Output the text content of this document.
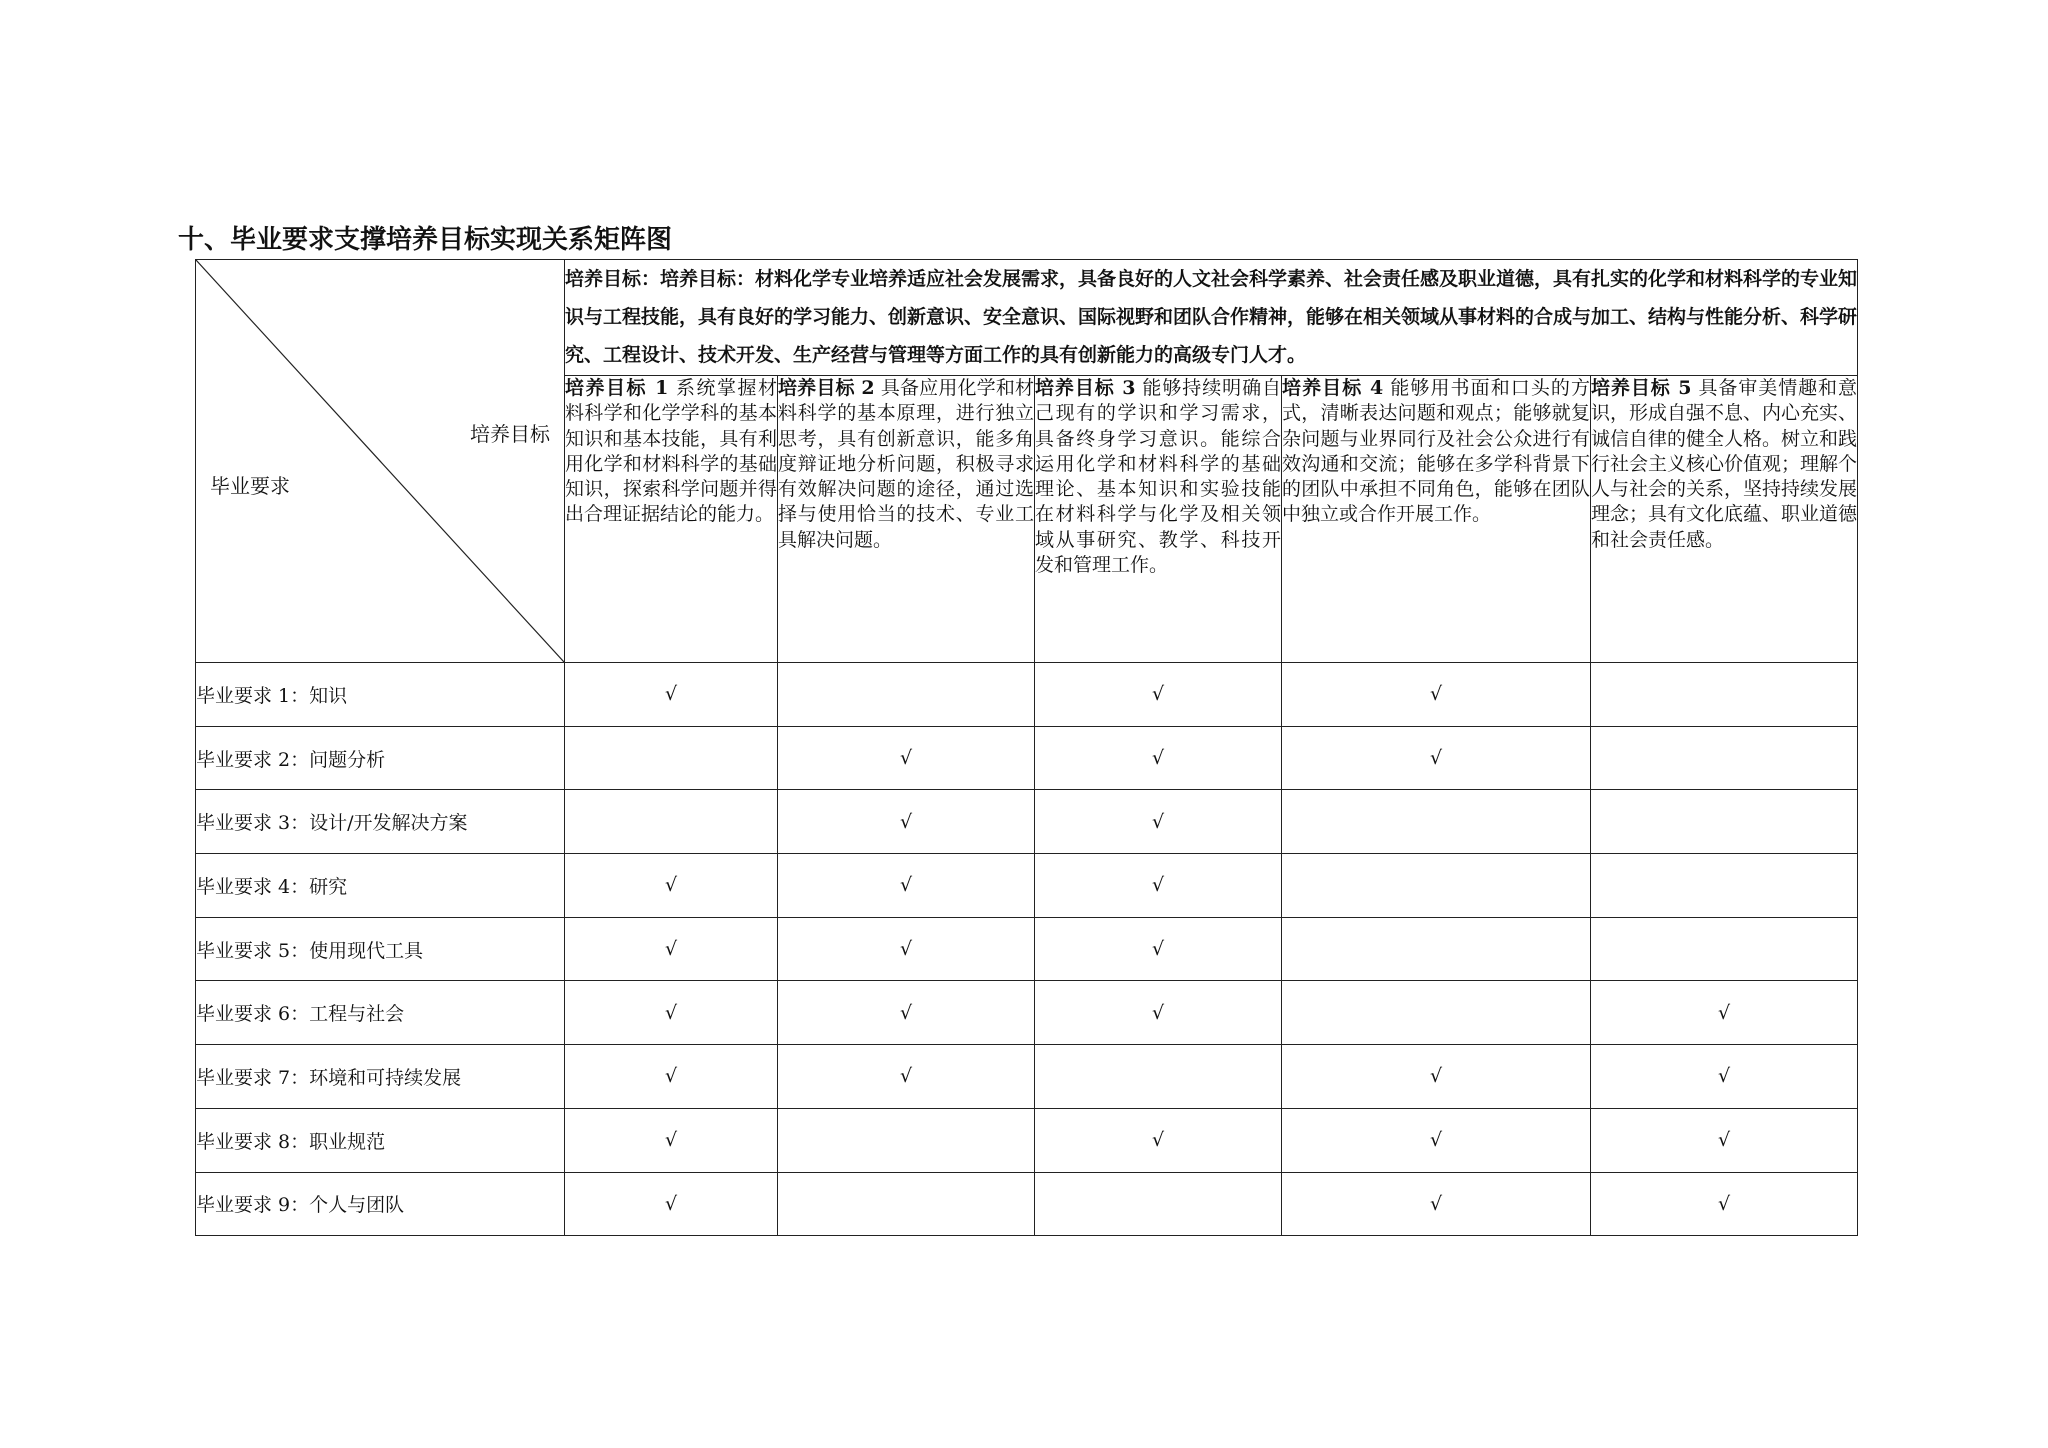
十、毕业要求支撑培养目标实现关系矩阵图
培养目标
毕业要求	培养目标：培养目标：材料化学专业培养适应社会发展需求，具备良好的人文社会科学素养、社会责任感及职业道德，具有扎实的化学和材料科学的专业知识与工程技能，具有良好的学习能力、创新意识、安全意识、国际视野和团队合作精神，能够在相关领域从事材料的合成与加工、结构与性能分析、科学研究、工程设计、技术开发、生产经营与管理等方面工作的具有创新能力的高级专门人才。				
	培养目标 1 系统掌握材料科学和化学学科的基本知识和基本技能，具有利用化学和材料科学的基础知识，探索科学问题并得出合理证据结论的能力。	培养目标 2 具备应用化学和材料科学的基本原理，进行独立思考，具有创新意识，能多角度辩证地分析问题，积极寻求有效解决问题的途径，通过选择与使用恰当的技术、专业工具解决问题。	培养目标 3 能够持续明确自己现有的学识和学习需求，具备终身学习意识。能综合运用化学和材料科学的基础理论、基本知识和实验技能在材料科学与化学及相关领域从事研究、教学、科技开发和管理工作。	培养目标 4 能够用书面和口头的方式，清晰表达问题和观点；能够就复杂问题与业界同行及社会公众进行有效沟通和交流；能够在多学科背景下的团队中承担不同角色，能够在团队中独立或合作开展工作。	培养目标 5 具备审美情趣和意识，形成自强不息、内心充实、诚信自律的健全人格。树立和践行社会主义核心价值观；理解个人与社会的关系，坚持持续发展理念；具有文化底蕴、职业道德和社会责任感。
毕业要求 1：知识	√		√	√	
毕业要求 2：问题分析		√	√	√	
毕业要求 3：设计/开发解决方案		√	√		
毕业要求 4：研究	√	√	√		
毕业要求 5：使用现代工具	√	√	√		
毕业要求 6：工程与社会	√	√	√		√
毕业要求 7：环境和可持续发展	√	√		√	√
毕业要求 8：职业规范	√		√	√	√
毕业要求 9：个人与团队	√			√	√
